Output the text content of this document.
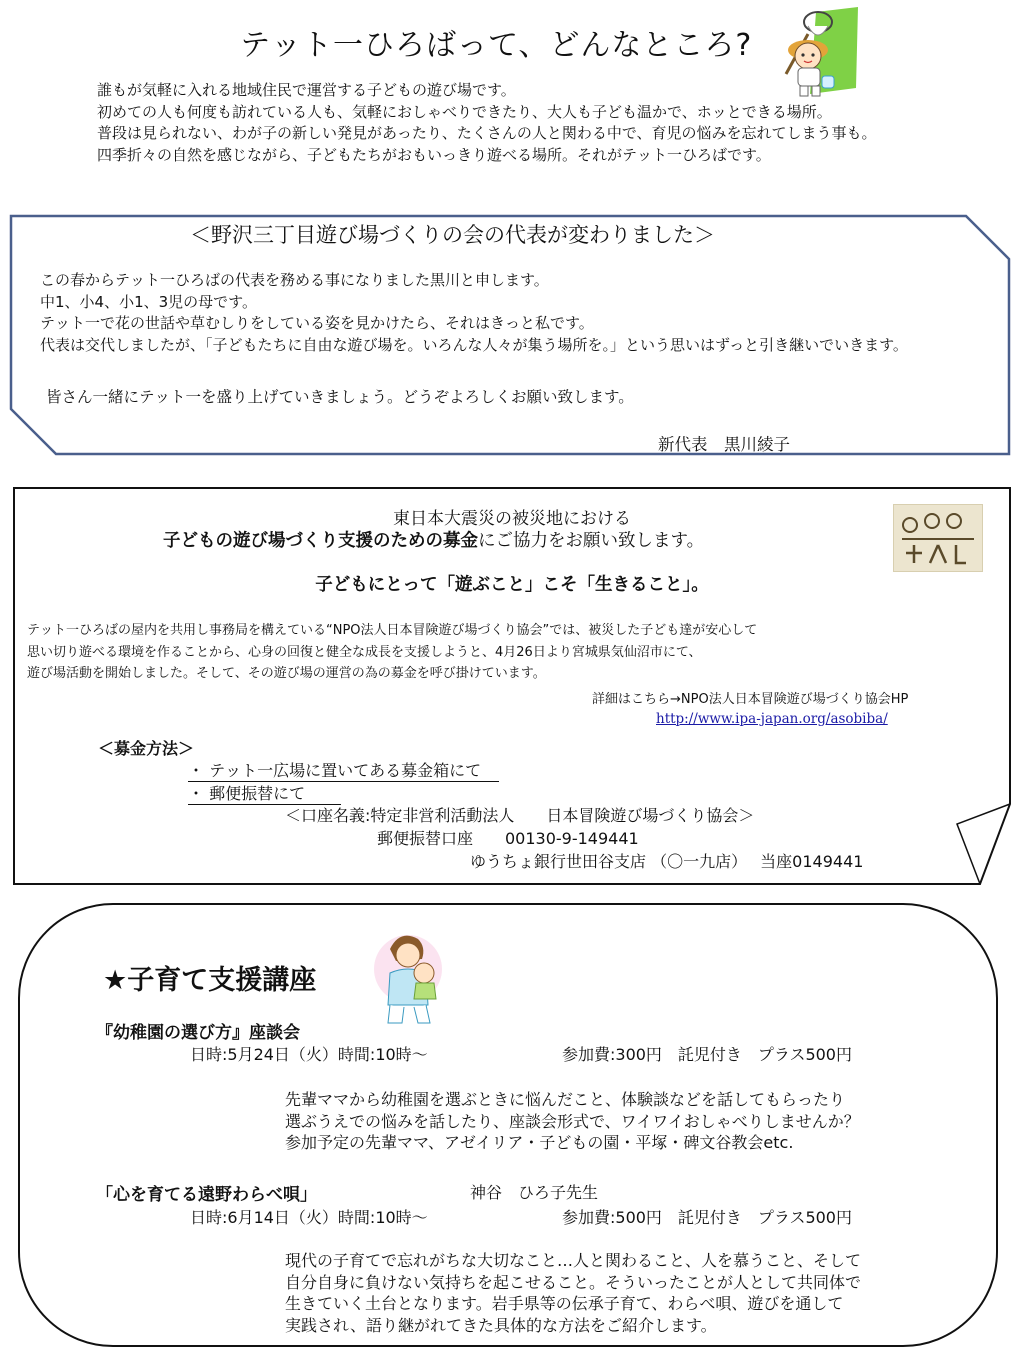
テット一ひろばって、どんなところ?
誰もが気軽に入れる地域住民で運営する子どもの遊び場です。
初めての人も何度も訪れている人も、気軽におしゃべりできたり、大人も子ども温かで、ホッとできる場所。
普段は見られない、わが子の新しい発見があったり、たくさんの人と関わる中で、育児の悩みを忘れてしまう事も。
四季折々の自然を感じながら、子どもたちがおもいっきり遊べる場所。それがテット一ひろばです。
＜野沢三丁目遊び場づくりの会の代表が変わりました＞
この春からテット一ひろばの代表を務める事になりました黒川と申します。
中1、小4、小1、3児の母です。
テット一で花の世話や草むしりをしている姿を見かけたら、それはきっと私です。
代表は交代しましたが、「子どもたちに自由な遊び場を。いろんな人々が集う場所を。」という思いはずっと引き継いでいきます。
皆さん一緒にテット一を盛り上げていきましょう。どうぞよろしくお願い致します。
新代表　黒川綾子
東日本大震災の被災地における
子どもの遊び場づくり支援のための募金にご協力をお願い致します。
子どもにとって「遊ぶこと」こそ「生きること」。
テット一ひろばの屋内を共用し事務局を構えている“NPO法人日本冒険遊び場づくり協会”では、被災した子ども達が安心して
思い切り遊べる環境を作ることから、心身の回復と健全な成長を支援しようと、4月26日より宮城県気仙沼市にて、
遊び場活動を開始しました。そして、その遊び場の運営の為の募金を呼び掛けています。
詳細はこちら→NPO法人日本冒険遊び場づくり協会HP
http://www.ipa-japan.org/asobiba/
＜募金方法＞
・ テット一広場に置いてある募金箱にて
・ 郵便振替にて
＜口座名義:特定非営利活動法人　　日本冒険遊び場づくり協会＞
郵便振替口座　　00130-9-149441
ゆうちょ銀行世田谷支店 （〇一九店）　 当座0149441
★子育て支援講座
『幼稚園の選び方』座談会
日時:5月24日（火）時間:10時～	参加費:300円　託児付き　プラス500円
先輩ママから幼稚園を選ぶときに悩んだこと、体験談などを話してもらったり
選ぶうえでの悩みを話したり、座談会形式で、ワイワイおしゃべりしませんか？
参加予定の先輩ママ、アゼイリア・子どもの園・平塚・碑文谷教会etc.
「心を育てる遠野わらべ唄」	神谷　ひろ子先生
日時:6月14日（火）時間:10時～	参加費:500円　託児付き　プラス500円
現代の子育てで忘れがちな大切なこと…人と関わること、人を慕うこと、そして
自分自身に負けない気持ちを起こせること。そういったことが人として共同体で
生きていく土台となります。岩手県等の伝承子育て、わらべ唄、遊びを通して
実践され、語り継がれてきた具体的な方法をご紹介します。
